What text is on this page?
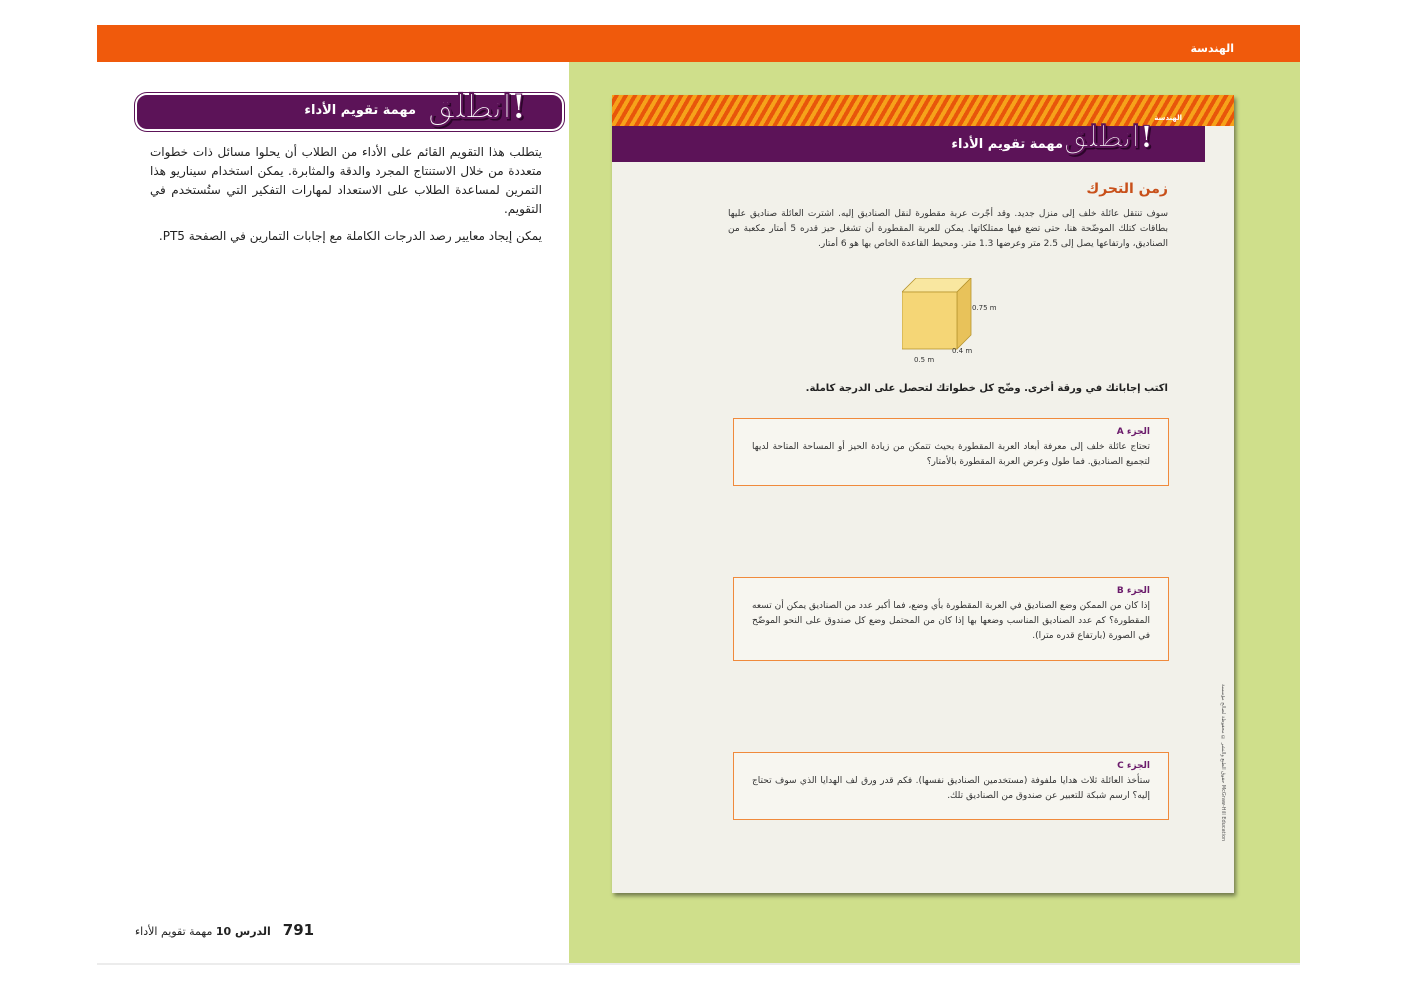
الهندسة
انطلق!
مهمة تقويم الأداء

يتطلب هذا التقويم القائم على الأداء من الطلاب أن يحلوا مسائل ذات خطوات متعددة من خلال الاستنتاج المجرد والدقة والمثابرة. يمكن استخدام سيناريو هذا التمرين لمساعدة الطلاب على الاستعداد لمهارات التفكير التي ستُستخدم في التقويم.

يمكن إيجاد معايير رصد الدرجات الكاملة مع إجابات التمارين في الصفحة PT5.

الدرس 10 مهمة تقويم الأداء	791
الهندسة
انطلق!
مهمة تقويم الأداء
زمن التحرك

سوف تنتقل عائلة خلف إلى منزل جديد. وقد أجّرت عربة مقطورة لنقل الصناديق إليه. اشترت العائلة صناديق عليها بطاقات كتلك الموضّحة هنا، حتى تضع فيها ممتلكاتها. يمكن للعربة المقطورة أن تشغل حيز قدره 5 أمتار مكعبة من الصناديق، وارتفاعها يصل إلى 2.5 متر وعرضها 1.3 متر. ومحيط القاعدة الخاص بها هو 6 أمتار.

0.75 m
0.4 m
0.5 m
اكتب إجاباتك في ورقة أخرى. وضّح كل خطواتك لتحصل على الدرجة كاملة.
الجزء A
تحتاج عائلة خلف إلى معرفة أبعاد العربة المقطورة بحيث تتمكن من زيادة الحيز أو المساحة المتاحة لديها لتجميع الصناديق. فما طول وعرض العربة المقطورة بالأمتار؟
الجزء B
إذا كان من الممكن وضع الصناديق في العربة المقطورة بأي وضع، فما أكبر عدد من الصناديق يمكن أن تسعه المقطورة؟ كم عدد الصناديق المناسب وضعها بها إذا كان من المحتمل وضع كل صندوق على النحو الموضّح في الصورة (بارتفاع قدره مترا).
الجزء C
ستأخذ العائلة ثلاث هدايا ملفوفة (مستخدمين الصناديق نفسها). فكم قدر ورق لف الهدايا الذي سوف تحتاج إليه؟ ارسم شبكة للتعبير عن صندوق من الصناديق تلك.
حقوق الطبع والنشر © محفوظة لصالح مؤسسة McGraw-Hill Education
